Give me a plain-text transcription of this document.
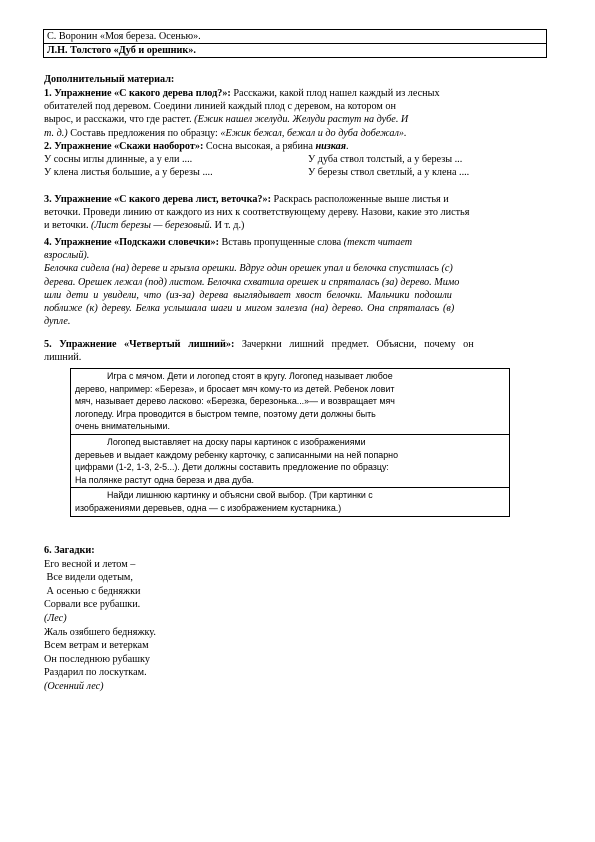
С. Воронин «Моя береза. Осенью».
Л.Н. Толстого «Дуб и орешник».
Дополнительный материал:
1. Упражнение «С какого дерева плод?»: Расскажи, какой плод нашел каждый из лесных
обитателей под деревом. Соедини линией каждый плод с деревом, на котором он
вырос, и расскажи, что где растет. (Ежик нашел желуди. Желуди растут на дубе. И
т. д.) Составь предложения по образцу: «Ежик бежал, бежал и до дуба добежал».
2. Упражнение «Скажи наоборот»: Сосна высокая, а рябина низкая.
У сосны иглы длинные, а у ели ....	У дуба ствол толстый, а у березы ...
У клена листья большие, а у березы ....	У березы ствол светлый, а у клена ....
3. Упражнение «С какого дерева лист, веточка?»: Раскрась расположенные выше листья и
веточки. Проведи линию от каждого из них к соответствующему дереву. Назови, какие это листья
и веточки. (Лист березы — березовый. И т. д.)
4. Упражнение «Подскажи словечки»: Вставь пропущенные слова (текст читает
взрослый).
Белочка сидела (на) дереве и грызла орешки. Вдруг один орешек упал и белочка спустилась (с)
дерева. Орешек лежал (под) листом. Белочка схватила орешек и спряталась (за) дерево. Мимо
шли дети и увидели, что (из-за) дерева выглядывает хвост белочки. Мальчики подошли
поближе (к) дереву. Белка услышала шаги и мигом залезла (на) дерево. Она спряталась (в)
дупле.
5. Упражнение «Четвертый лишний»: Зачеркни лишний предмет. Объясни, почему он
лишний.
Игра с мячом. Дети и логопед стоят в кругу. Логопед называет любое
дерево, например: «Береза», и бросает мяч кому-то из детей. Ребенок ловит
мяч, называет дерево ласково: «Березка, березонька...»— и возвращает мяч
логопеду. Игра проводится в быстром темпе, поэтому дети должны быть
очень внимательными.
Логопед выставляет на доску пары картинок с изображениями
деревьев и выдает каждому ребенку карточку, с записанными на ней попарно
цифрами (1-2, 1-3, 2-5...). Дети должны составить предложение по образцу:
На полянке растут одна береза и два дуба.
Найди лишнюю картинку и объясни свой выбор. (Три картинки с
изображениями деревьев, одна — с изображением кустарника.)
6. Загадки:
Его весной и летом –
Все видели одетым,
А осенью с бедняжки
Сорвали все рубашки.
(Лес)
Жаль озябшего бедняжку.
Всем ветрам и ветеркам
Он последнюю рубашку
Раздарил по лоскуткам.
(Осенний лес)
